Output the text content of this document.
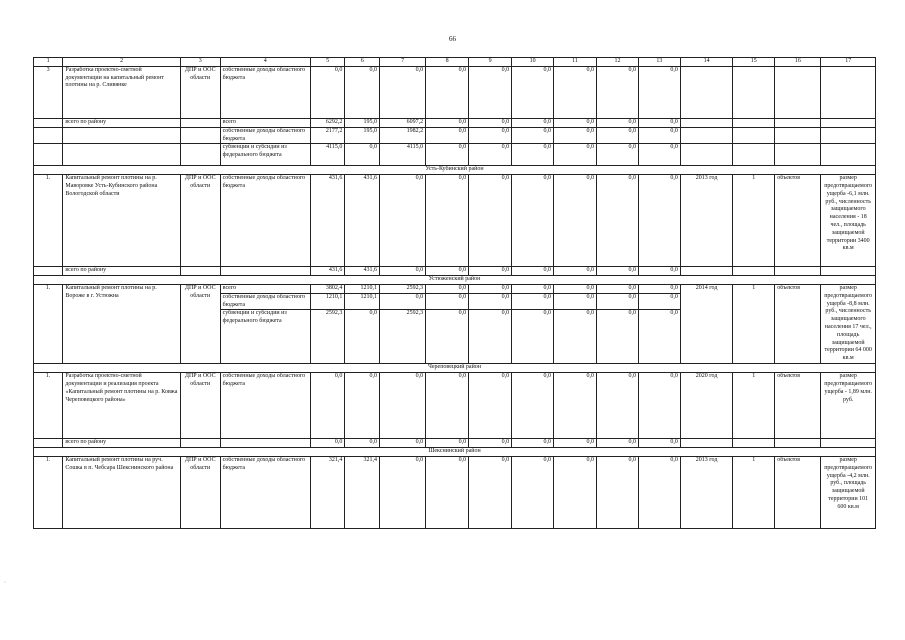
66
1	2	3	4	5	6	7	8	9	10	11	12	13	14	15	16	17
3	Разработка проектно-сметной документации на капитальный ремонт плотины на р. Сливянке	ДПР и ООС области	собственные доходы областного бюджета	0,0	0,0	0,0	0,0	0,0	0,0	0,0	0,0	0,0				
	всего по району		всего	6292,2	195,0	6097,2	0,0	0,0	0,0	0,0	0,0	0,0				
			собственные доходы областного бюджета	2177,2	195,0	1982,2	0,0	0,0	0,0	0,0	0,0	0,0				
			субвенции и субсидии из федерального бюджета	4115,0	0,0	4115,0	0,0	0,0	0,0	0,0	0,0	0,0				
Усть-Кубинский район																
1.	Капитальный ремонт плотины на р. Маворовке Усть-Кубинского района Вологодской области	ДПР и ООС области	собственные доходы областного бюджета	431,6	431,6	0,0	0,0	0,0	0,0	0,0	0,0	0,0	2013 год	1	объектов	размер предотвращаемого ущерба -6,1 млн. руб., численность защищаемого населения - 18 чел., площадь защищаемой территории 3400 кв.м
	всего по району			431,6	431,6	0,0	0,0	0,0	0,0	0,0	0,0	0,0				
Устюженский район																
1.	Капитальный ремонт плотины на р. Вороже в г. Устюжна	ДПР и ООС области	всего	3802,4	1210,1	2592,3	0,0	0,0	0,0	0,0	0,0	0,0	2014 год	1	объектов	размер предотвращаемого ущерба -8,8 млн. руб., численность защищаемого населения 17 чел., площадь защищаемой территории 64 000 кв.м
			собственные доходы областного бюджета	1210,1	1210,1	0,0	0,0	0,0	0,0	0,0	0,0	0,0				
			субвенции и субсидии из федерального бюджета	2592,3	0,0	2592,3	0,0	0,0	0,0	0,0	0,0	0,0				
Череповецкий район																
1.	Разработка проектно-сметной документации и реализация проекта «Капитальный ремонт плотины на р. Ковжа Череповецкого района»	ДПР и ООС области	собственные доходы областного бюджета	0,0	0,0	0,0	0,0	0,0	0,0	0,0	0,0	0,0	2020 год	1	объектов	размер предотвращаемого ущерба - 1,89 млн. руб.
	всего по району			0,0	0,0	0,0	0,0	0,0	0,0	0,0	0,0	0,0				
Шекснинский район																
1.	Капитальный ремонт плотины на руч. Сошка в п. Чебсара Шекснинского района	ДПР и ООС области	собственные доходы областного бюджета	321,4	321,4	0,0	0,0	0,0	0,0	0,0	0,0	0,0	2013 год	1	объектов	размер предотвращаемого ущерба -4,2 млн. руб., площадь защищаемой территории 101 600 кв.м
·
